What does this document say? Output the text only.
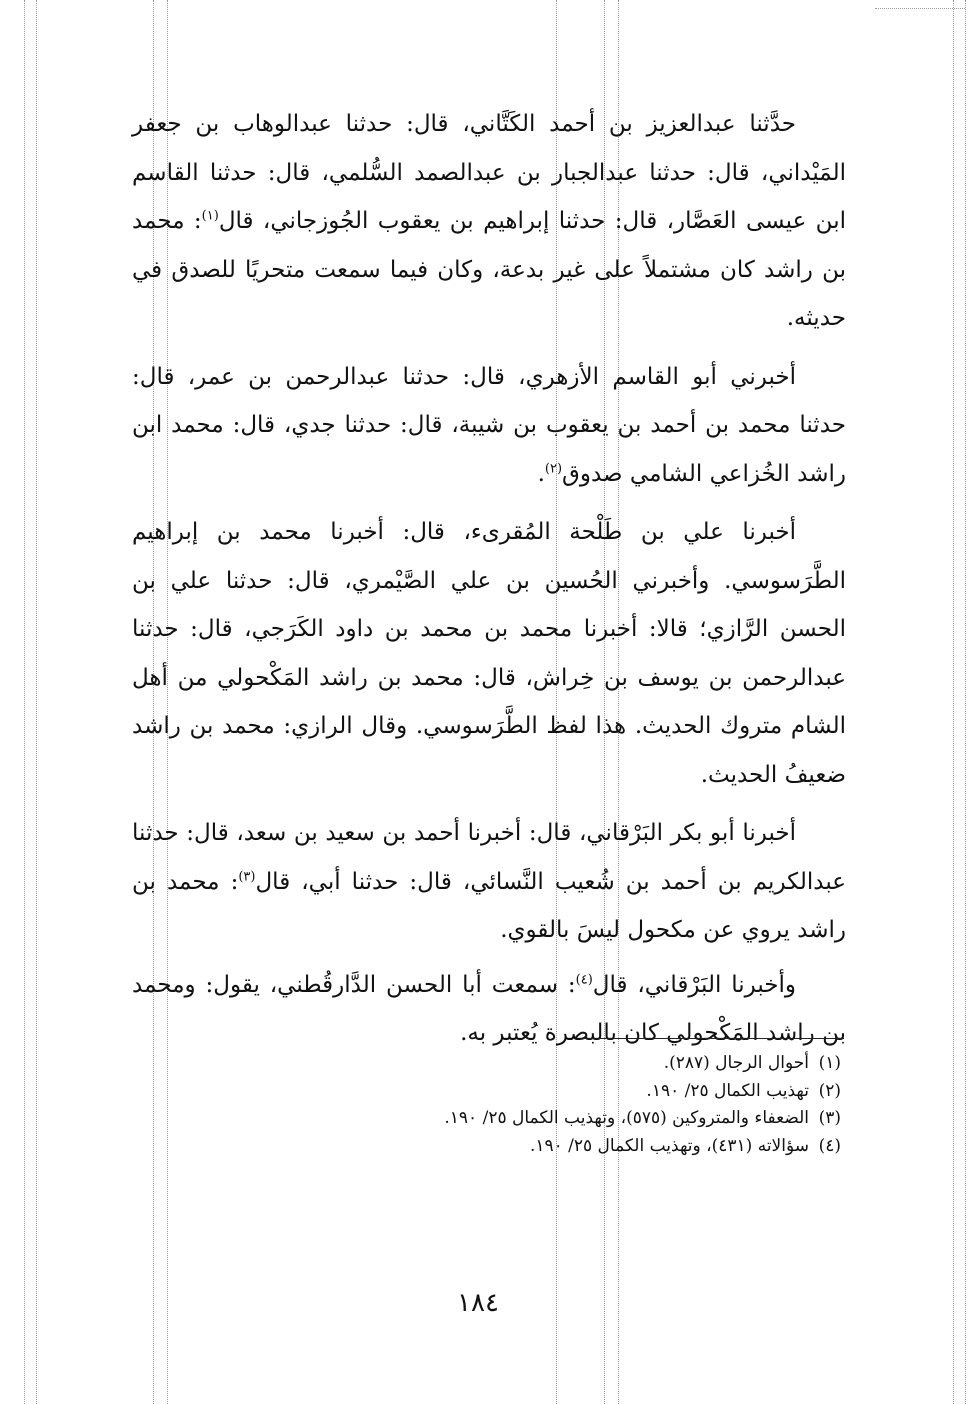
حدَّثنا عبدالعزيز بن أحمد الكَتَّاني، قال: حدثنا عبدالوهاب بن جعفر المَيْداني، قال: حدثنا عبدالجبار بن عبدالصمد السُّلمي، قال: حدثنا القاسم ابن عيسى العَصَّار، قال: حدثنا إبراهيم بن يعقوب الجُوزجاني، قال$^{(١)}$: محمد بن راشد كان مشتملاً على غير بدعة، وكان فيما سمعت متحريًا للصدق في حديثه.

أخبرني أبو القاسم الأزهري، قال: حدثنا عبدالرحمن بن عمر، قال: حدثنا محمد بن أحمد بن يعقوب بن شيبة، قال: حدثنا جدي، قال: محمد ابن راشد الخُزاعي الشامي صدوق$^{(٢)}$.

أخبرنا علي بن طَلْحة المُقرىء، قال: أخبرنا محمد بن إبراهيم الطَّرَسوسي. وأخبرني الحُسين بن علي الصَّيْمري، قال: حدثنا علي بن الحسن الرَّازي؛ قالا: أخبرنا محمد بن محمد بن داود الكَرَجي، قال: حدثنا عبدالرحمن بن يوسف بن خِراش، قال: محمد بن راشد المَكْحولي من أهل الشام متروك الحديث. هذا لفظ الطَّرَسوسي. وقال الرازي: محمد بن راشد ضعيفُ الحديث.

أخبرنا أبو بكر البَرْقاني، قال: أخبرنا أحمد بن سعيد بن سعد، قال: حدثنا عبدالكريم بن أحمد بن شُعيب النَّسائي، قال: حدثنا أبي، قال$^{(٣)}$: محمد بن راشد يروي عن مكحول ليسَ بالقوي.

وأخبرنا البَرْقاني، قال$^{(٤)}$: سمعت أبا الحسن الدَّارقُطني، يقول: ومحمد بن راشد المَكْحولي كان بالبصرة يُعتبر به.

(١)أحوال الرجال (٢٨٧).
(٢)تهذيب الكمال ٢٥/ ١٩٠.
(٣)الضعفاء والمتروكين (٥٧٥)، وتهذيب الكمال ٢٥/ ١٩٠.
(٤)سؤالاته (٤٣١)، وتهذيب الكمال ٢٥/ ١٩٠.
١٨٤
